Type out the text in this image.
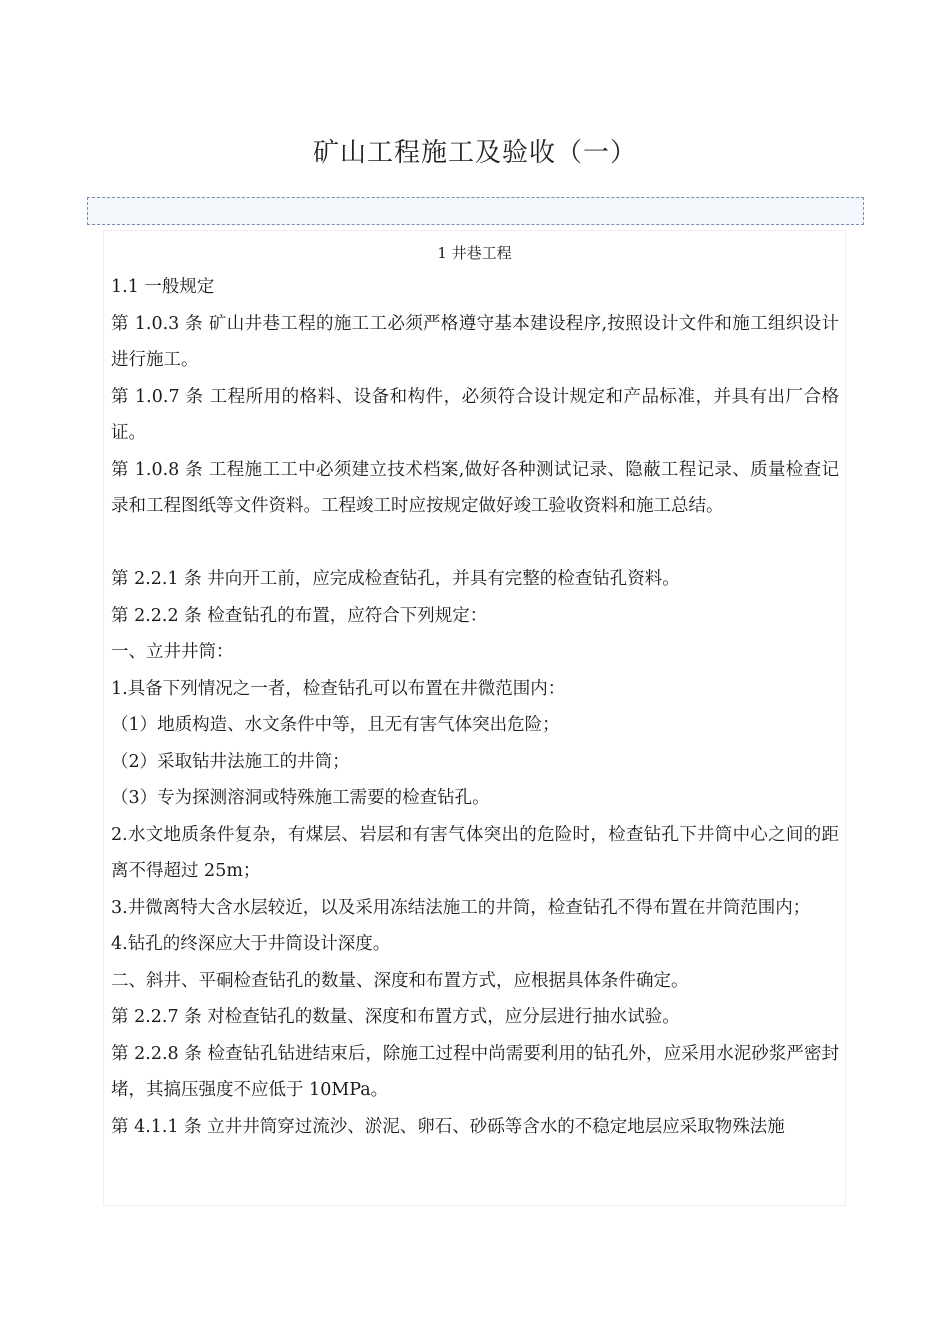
矿山工程施工及验收（一）
1 井巷工程

1.1 一般规定

第 1.0.3 条 矿山井巷工程的施工工必须严格遵守基本建设程序,按照设计文件和施工组织设计进行施工。

第 1.0.7 条 工程所用的格料、设备和构件，必须符合设计规定和产品标准，并具有出厂合格证。

第 1.0.8 条 工程施工工中必须建立技术档案,做好各种测试记录、隐蔽工程记录、质量检查记录和工程图纸等文件资料。工程竣工时应按规定做好竣工验收资料和施工总结。

第 2.2.1 条 井向开工前，应完成检查钻孔，并具有完整的检查钻孔资料。

第 2.2.2 条 检查钻孔的布置，应符合下列规定：

一、立井井筒：

1.具备下列情况之一者，检查钻孔可以布置在井微范围内：

（1）地质构造、水文条件中等，且无有害气体突出危险；

（2）采取钻井法施工的井筒；

（3）专为探测溶洞或特殊施工需要的检查钻孔。

2.水文地质条件复杂，有煤层、岩层和有害气体突出的危险时，检查钻孔下井筒中心之间的距离不得超过 25m；

3.井微离特大含水层较近，以及采用冻结法施工的井筒，检查钻孔不得布置在井筒范围内；

4.钻孔的终深应大于井筒设计深度。

二、斜井、平硐检查钻孔的数量、深度和布置方式，应根据具体条件确定。

第 2.2.7 条 对检查钻孔的数量、深度和布置方式，应分层进行抽水试验。

第 2.2.8 条 检查钻孔钻进结束后，除施工过程中尚需要利用的钻孔外，应采用水泥砂浆严密封堵，其搞压强度不应低于 10MPa。

第 4.1.1 条 立井井筒穿过流沙、淤泥、卵石、砂砾等含水的不稳定地层应采取物殊法施
